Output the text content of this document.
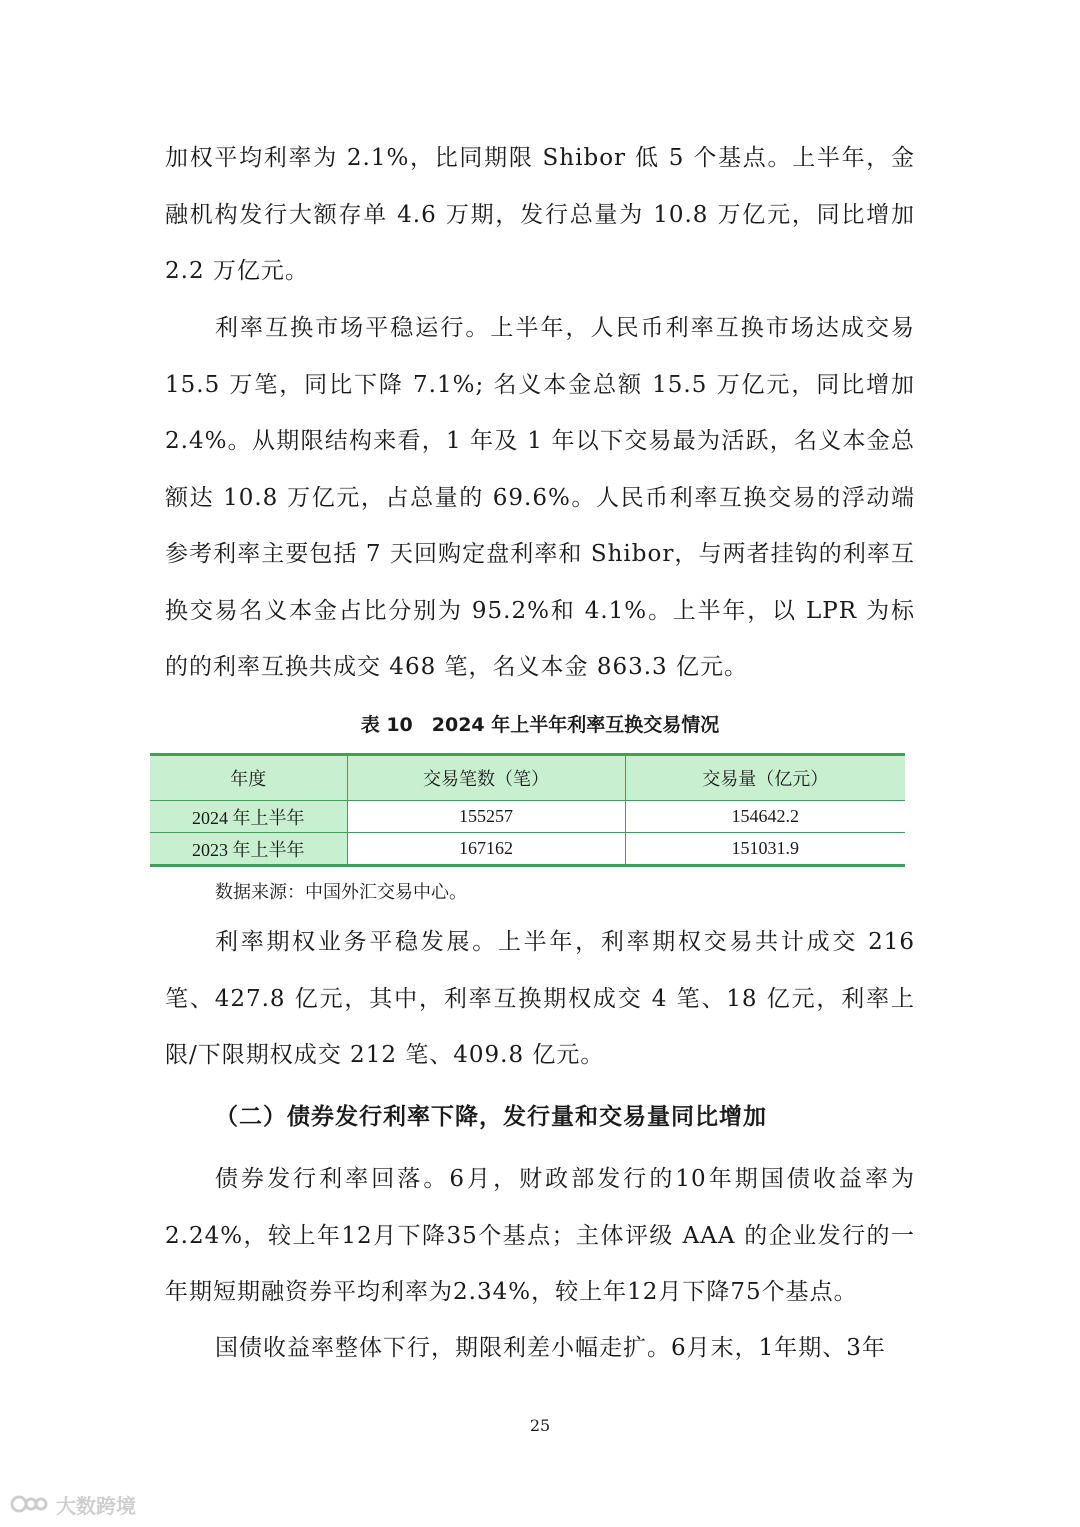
加权平均利率为 2.1%，比同期限 Shibor 低 5 个基点。上半年，金融机构发行大额存单 4.6 万期，发行总量为 10.8 万亿元，同比增加 2.2 万亿元。

利率互换市场平稳运行。上半年，人民币利率互换市场达成交易 15.5 万笔，同比下降 7.1%; 名义本金总额 15.5 万亿元，同比增加 2.4%。从期限结构来看，1 年及 1 年以下交易最为活跃，名义本金总额达 10.8 万亿元，占总量的 69.6%。人民币利率互换交易的浮动端参考利率主要包括 7 天回购定盘利率和 Shibor，与两者挂钩的利率互换交易名义本金占比分别为 95.2%和 4.1%。上半年，以 LPR 为标的的利率互换共成交 468 笔，名义本金 863.3 亿元。

表 10　2024 年上半年利率互换交易情况
年度	交易笔数（笔）	交易量（亿元）
2024 年上半年	155257	154642.2
2023 年上半年	167162	151031.9
数据来源：中国外汇交易中心。

利率期权业务平稳发展。上半年，利率期权交易共计成交 216 笔、427.8 亿元，其中，利率互换期权成交 4 笔、18 亿元，利率上限/下限期权成交 212 笔、409.8 亿元。

（二）债券发行利率下降，发行量和交易量同比增加

债券发行利率回落。6月，财政部发行的10年期国债收益率为 2.24%，较上年12月下降35个基点；主体评级 AAA 的企业发行的一年期短期融资券平均利率为2.34%，较上年12月下降75个基点。

国债收益率整体下行，期限利差小幅走扩。6月末，1年期、3年

25
大数跨境
